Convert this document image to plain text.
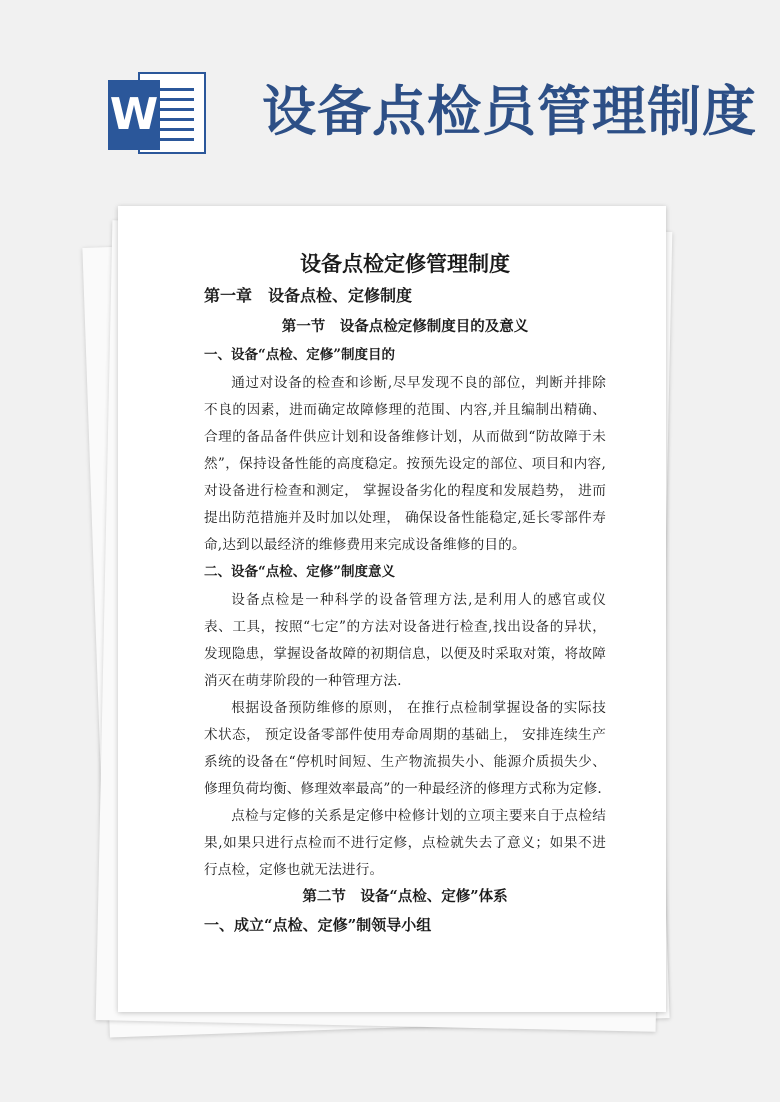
W 设备点检员管理制度

设备点检定修管理制度

第一章　设备点检、定修制度

第一节　设备点检定修制度目的及意义

一、设备“点检、定修”制度目的

通过对设备的检查和诊断,尽早发现不良的部位，判断并排除不良的因素，进而确定故障修理的范围、内容,并且编制出精确、合理的备品备件供应计划和设备维修计划，从而做到“防故障于未然”，保持设备性能的高度稳定。按预先设定的部位、项目和内容,对设备进行检查和测定， 掌握设备劣化的程度和发展趋势， 进而提出防范措施并及时加以处理， 确保设备性能稳定,延长零部件寿命,达到以最经济的维修费用来完成设备维修的目的。

二、设备“点检、定修”制度意义

设备点检是一种科学的设备管理方法,是利用人的感官或仪表、工具，按照“七定”的方法对设备进行检查,找出设备的异状，发现隐患，掌握设备故障的初期信息，以便及时采取对策，将故障消灭在萌芽阶段的一种管理方法.

根据设备预防维修的原则， 在推行点检制掌握设备的实际技术状态， 预定设备零部件使用寿命周期的基础上， 安排连续生产系统的设备在“停机时间短、生产物流损失小、能源介质损失少、修理负荷均衡、修理效率最高”的一种最经济的修理方式称为定修.

点检与定修的关系是定修中检修计划的立项主要来自于点检结果,如果只进行点检而不进行定修，点检就失去了意义；如果不进行点检，定修也就无法进行。

第二节　设备“点检、定修”体系

一、成立“点检、定修”制领导小组
